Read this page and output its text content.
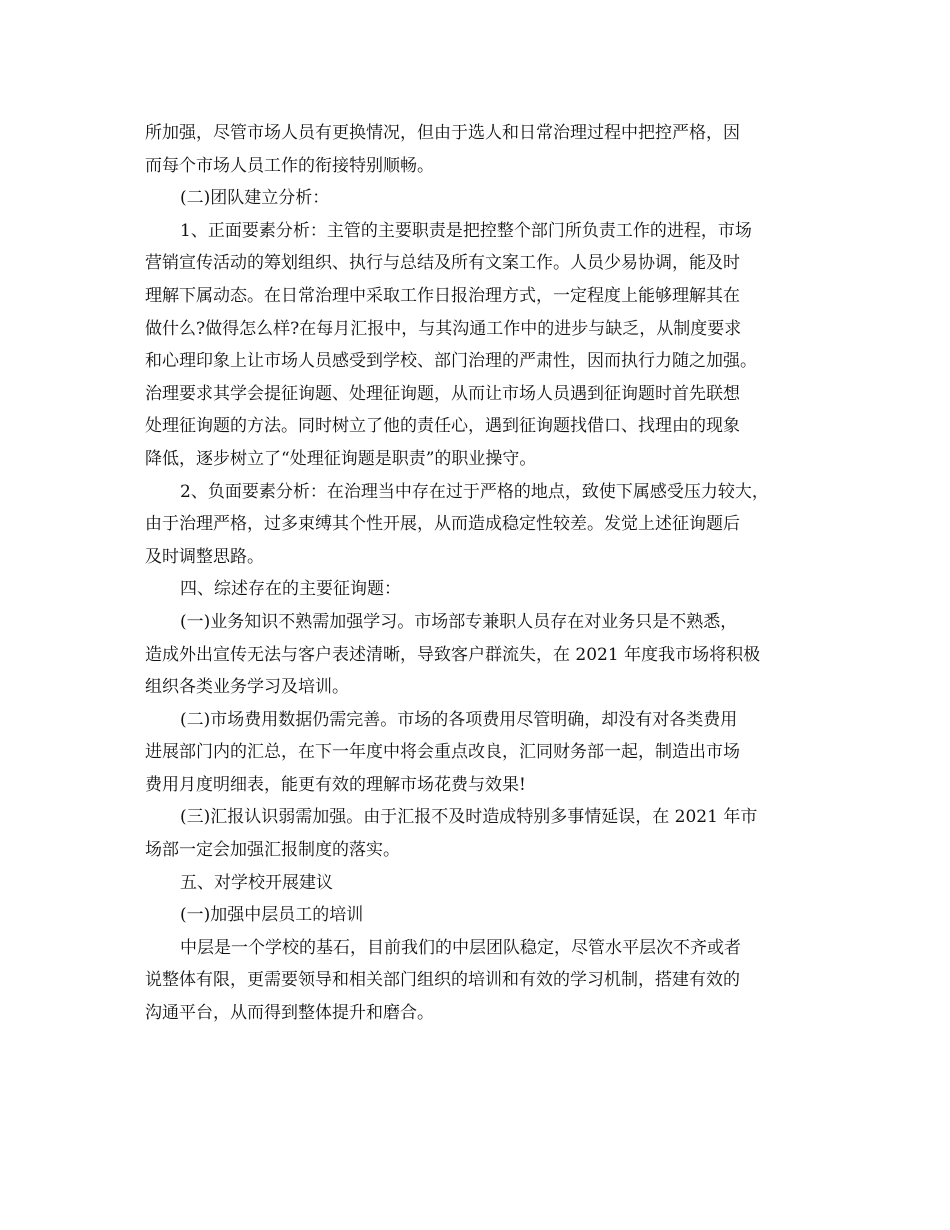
所加强，尽管市场人员有更换情况，但由于选人和日常治理过程中把控严格，因
而每个市场人员工作的衔接特别顺畅。
(二)团队建立分析：
1、正面要素分析：主管的主要职责是把控整个部门所负责工作的进程，市场
营销宣传活动的筹划组织、执行与总结及所有文案工作。人员少易协调，能及时
理解下属动态。在日常治理中采取工作日报治理方式，一定程度上能够理解其在
做什么?做得怎么样?在每月汇报中，与其沟通工作中的进步与缺乏，从制度要求
和心理印象上让市场人员感受到学校、部门治理的严肃性，因而执行力随之加强。
治理要求其学会提征询题、处理征询题，从而让市场人员遇到征询题时首先联想
处理征询题的方法。同时树立了他的责任心，遇到征询题找借口、找理由的现象
降低，逐步树立了“处理征询题是职责”的职业操守。
2、负面要素分析：在治理当中存在过于严格的地点，致使下属感受压力较大，
由于治理严格，过多束缚其个性开展，从而造成稳定性较差。发觉上述征询题后
及时调整思路。
四、综述存在的主要征询题：
(一)业务知识不熟需加强学习。市场部专兼职人员存在对业务只是不熟悉，
造成外出宣传无法与客户表述清晰，导致客户群流失，在 2021 年度我市场将积极
组织各类业务学习及培训。
(二)市场费用数据仍需完善。市场的各项费用尽管明确，却没有对各类费用
进展部门内的汇总，在下一年度中将会重点改良，汇同财务部一起，制造出市场
费用月度明细表，能更有效的理解市场花费与效果!
(三)汇报认识弱需加强。由于汇报不及时造成特别多事情延误，在 2021 年市
场部一定会加强汇报制度的落实。
五、对学校开展建议
(一)加强中层员工的培训
中层是一个学校的基石，目前我们的中层团队稳定，尽管水平层次不齐或者
说整体有限，更需要领导和相关部门组织的培训和有效的学习机制，搭建有效的
沟通平台，从而得到整体提升和磨合。
